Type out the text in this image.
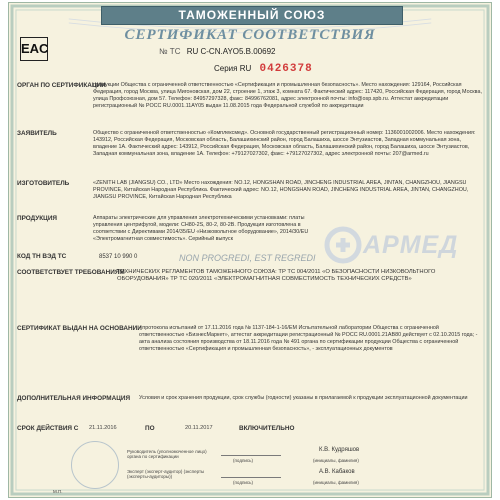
ТАМОЖЕННЫЙ СОЮЗ
СЕРТИФИКАТ СООТВЕТСТВИЯ
EAC	№ ТС RU C-CN.AYO5.B.00692
Серия RU 0426378
ОРГАН ПО СЕРТИФИКАЦИИ
продукции Общества с ограниченной ответственностью «Сертификация и промышленная безопасность». Место нахождения: 129164, Российская Федерация, город Москва, улица Мигоновская, дом 22, строение 1, этаж 3, комната 67. Фактический адрес: 117420, Российская Федерация, город Москва, улица Профсоюзная, дом 57. Телефон: 84957297328, факс: 84996762081, адрес электронной почты: info@osp.spb.ru. Аттестат аккредитации регистрационный № POCC RU.0001.11AY05 выдан 11.08.2015 года Федеральной службой по аккредитации
ЗАЯВИТЕЛЬ	Общество с ограниченной ответственностью «Комплексмед». Основной государственный регистрационный номер: 1136001002006. Место нахождения: 143912, Российская Федерация, Московская область, Балашихинский район, город Балашиха, шоссе Энтузиастов, Западная коммунальная зона, владение 1А. Фактический адрес: 143912, Российская Федерация, Московская область, Балашихинский район, город Балашиха, шоссе Энтузиастов, Западная коммунальная зона, владение 1А. Телефон: +79127027302, факс: +79127027302, адрес электронной почты: 207@armed.ru
ИЗГОТОВИТЕЛЬ	«ZENITH LAB (JIANGSU) CO., LTD» Место нахождения: NO.12, HONGSHAN ROAD, JINCHENG INDUSTRIAL AREA, JINTAN, CHANGZHOU, JIANGSU PROVINCE, Китайская Народная Республика. Фактический адрес: NO.12, HONGSHAN ROAD, JINCHENG INDUSTRIAL AREA, JINTAN, CHANGZHOU, JIANGSU PROVINCE, Китайская Народная Республика
ПРОДУКЦИЯ	Аппараты электрические для управления электротехническими установками: платы управления центрифугой, модели: CH80-2S, 80-2, 80-2B. Продукция изготовлена в соответствии с Директивами 2014/35/EU «Низковольтное оборудование», 2014/30/EU «Электромагнитная совместимость». Серийный выпуск	АРМЕД
КОД ТН ВЭД ТС	8537 10 990 0	NON PROGREDI, EST REGREDI
СООТВЕТСТВУЕТ ТРЕБОВАНИЯМ
ТЕХНИЧЕСКИХ РЕГЛАМЕНТОВ ТАМОЖЕННОГО СОЮЗА: ТР ТС 004/2011 «О БЕЗОПАСНОСТИ НИЗКОВОЛЬТНОГО ОБОРУДОВАНИЯ» ТР ТС 020/2011 «ЭЛЕКТРОМАГНИТНАЯ СОВМЕСТИМОСТЬ ТЕХНИЧЕСКИХ СРЕДСТВ»
СЕРТИФИКАТ ВЫДАН НА ОСНОВАНИИ
- протокола испытаний от 17.11.2016 года № 1137-184-1-16/ЕМ Испытательной лаборатории Общества с ограниченной ответственностью «БизнесМаркет», аттестат аккредитации регистрационный № POCC RU.0001.21АВ80 действует с 02.10.2015 года; - акта анализа состояния производства от 18.11.2016 года № 491 органа по сертификации продукции Общества с ограниченной ответственностью «Сертификация и промышленная безопасность», - эксплуатационных документов
ДОПОЛНИТЕЛЬНАЯ ИНФОРМАЦИЯ Условия и срок хранения продукции, срок службы (годности) указаны в прилагаемой к продукции эксплуатационной документации
СРОК ДЕЙСТВИЯ С 21.11.2016	ПО	20.11.2017	ВКЛЮЧИТЕЛЬНО
М.П.
Руководитель (уполномоченное лицо) органа по сертификации
(подпись)
К.В. Кудряшов
(инициалы, фамилия)
Эксперт (эксперт-аудитор) (эксперты (эксперты-аудиторы))
(подпись)
А.В. Кабаков
(инициалы, фамилия)
